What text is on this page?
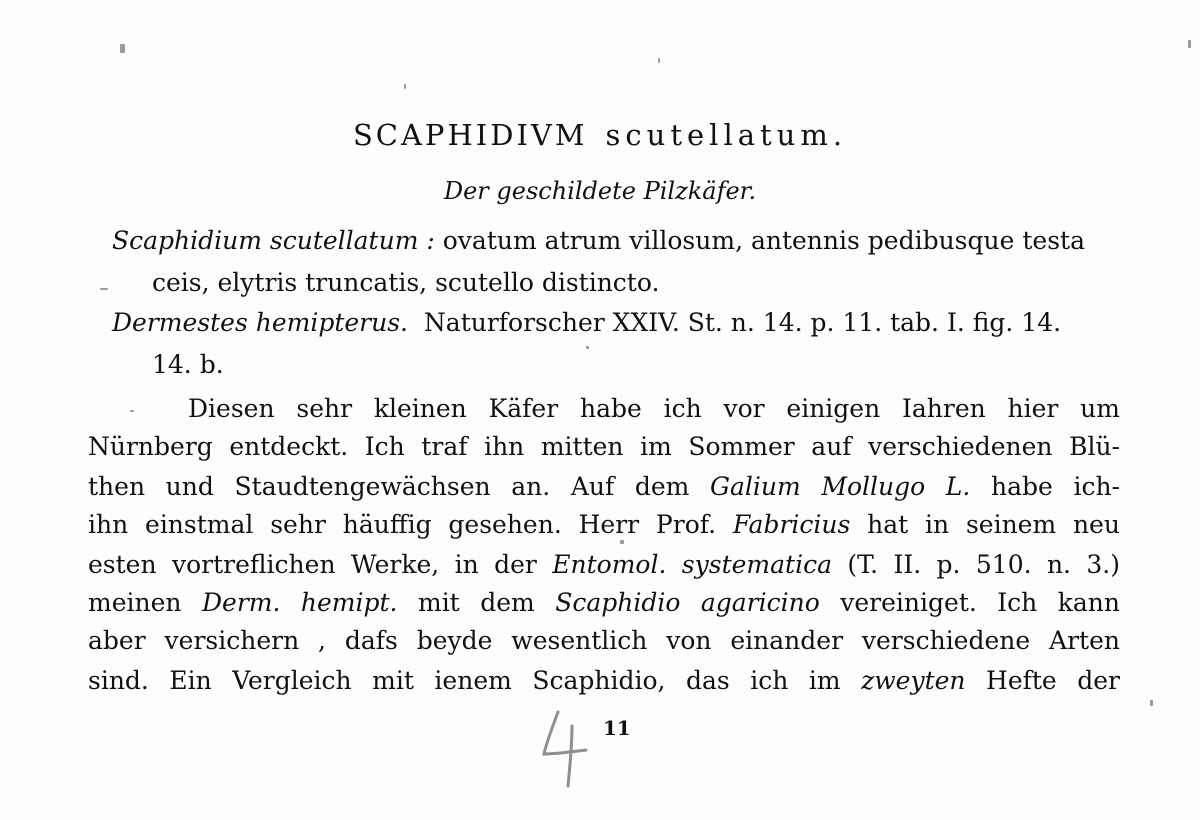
SCAPHIDIVM scutellatum.
Der geschildete Pilzkäfer.
Scaphidium scutellatum : ovatum atrum villosum, antennis pedibusque testa
ceis, elytris truncatis, scutello distincto.
Dermestes hemipterus. Naturforscher XXIV. St. n. 14. p. 11. tab. I. fig. 14.
14. b.
Diesen sehr kleinen Käfer habe ich vor einigen Iahren hier um
Nürnberg entdeckt. Ich traf ihn mitten im Sommer auf verschiedenen Blü-
then und Staudtengewächsen an. Auf dem Galium Mollugo L. habe ich-
ihn einstmal sehr häuffig gesehen. Herr Prof. Fabricius hat in seinem neu
esten vortreflichen Werke, in der Entomol. systematica (T. II. p. 510. n. 3.)
meinen Derm. hemipt. mit dem Scaphidio agaricino vereiniget. Ich kann
aber versichern , dafs beyde wesentlich von einander verschiedene Arten
sind. Ein Vergleich mit ienem Scaphidio, das ich im zweyten Hefte der
11
